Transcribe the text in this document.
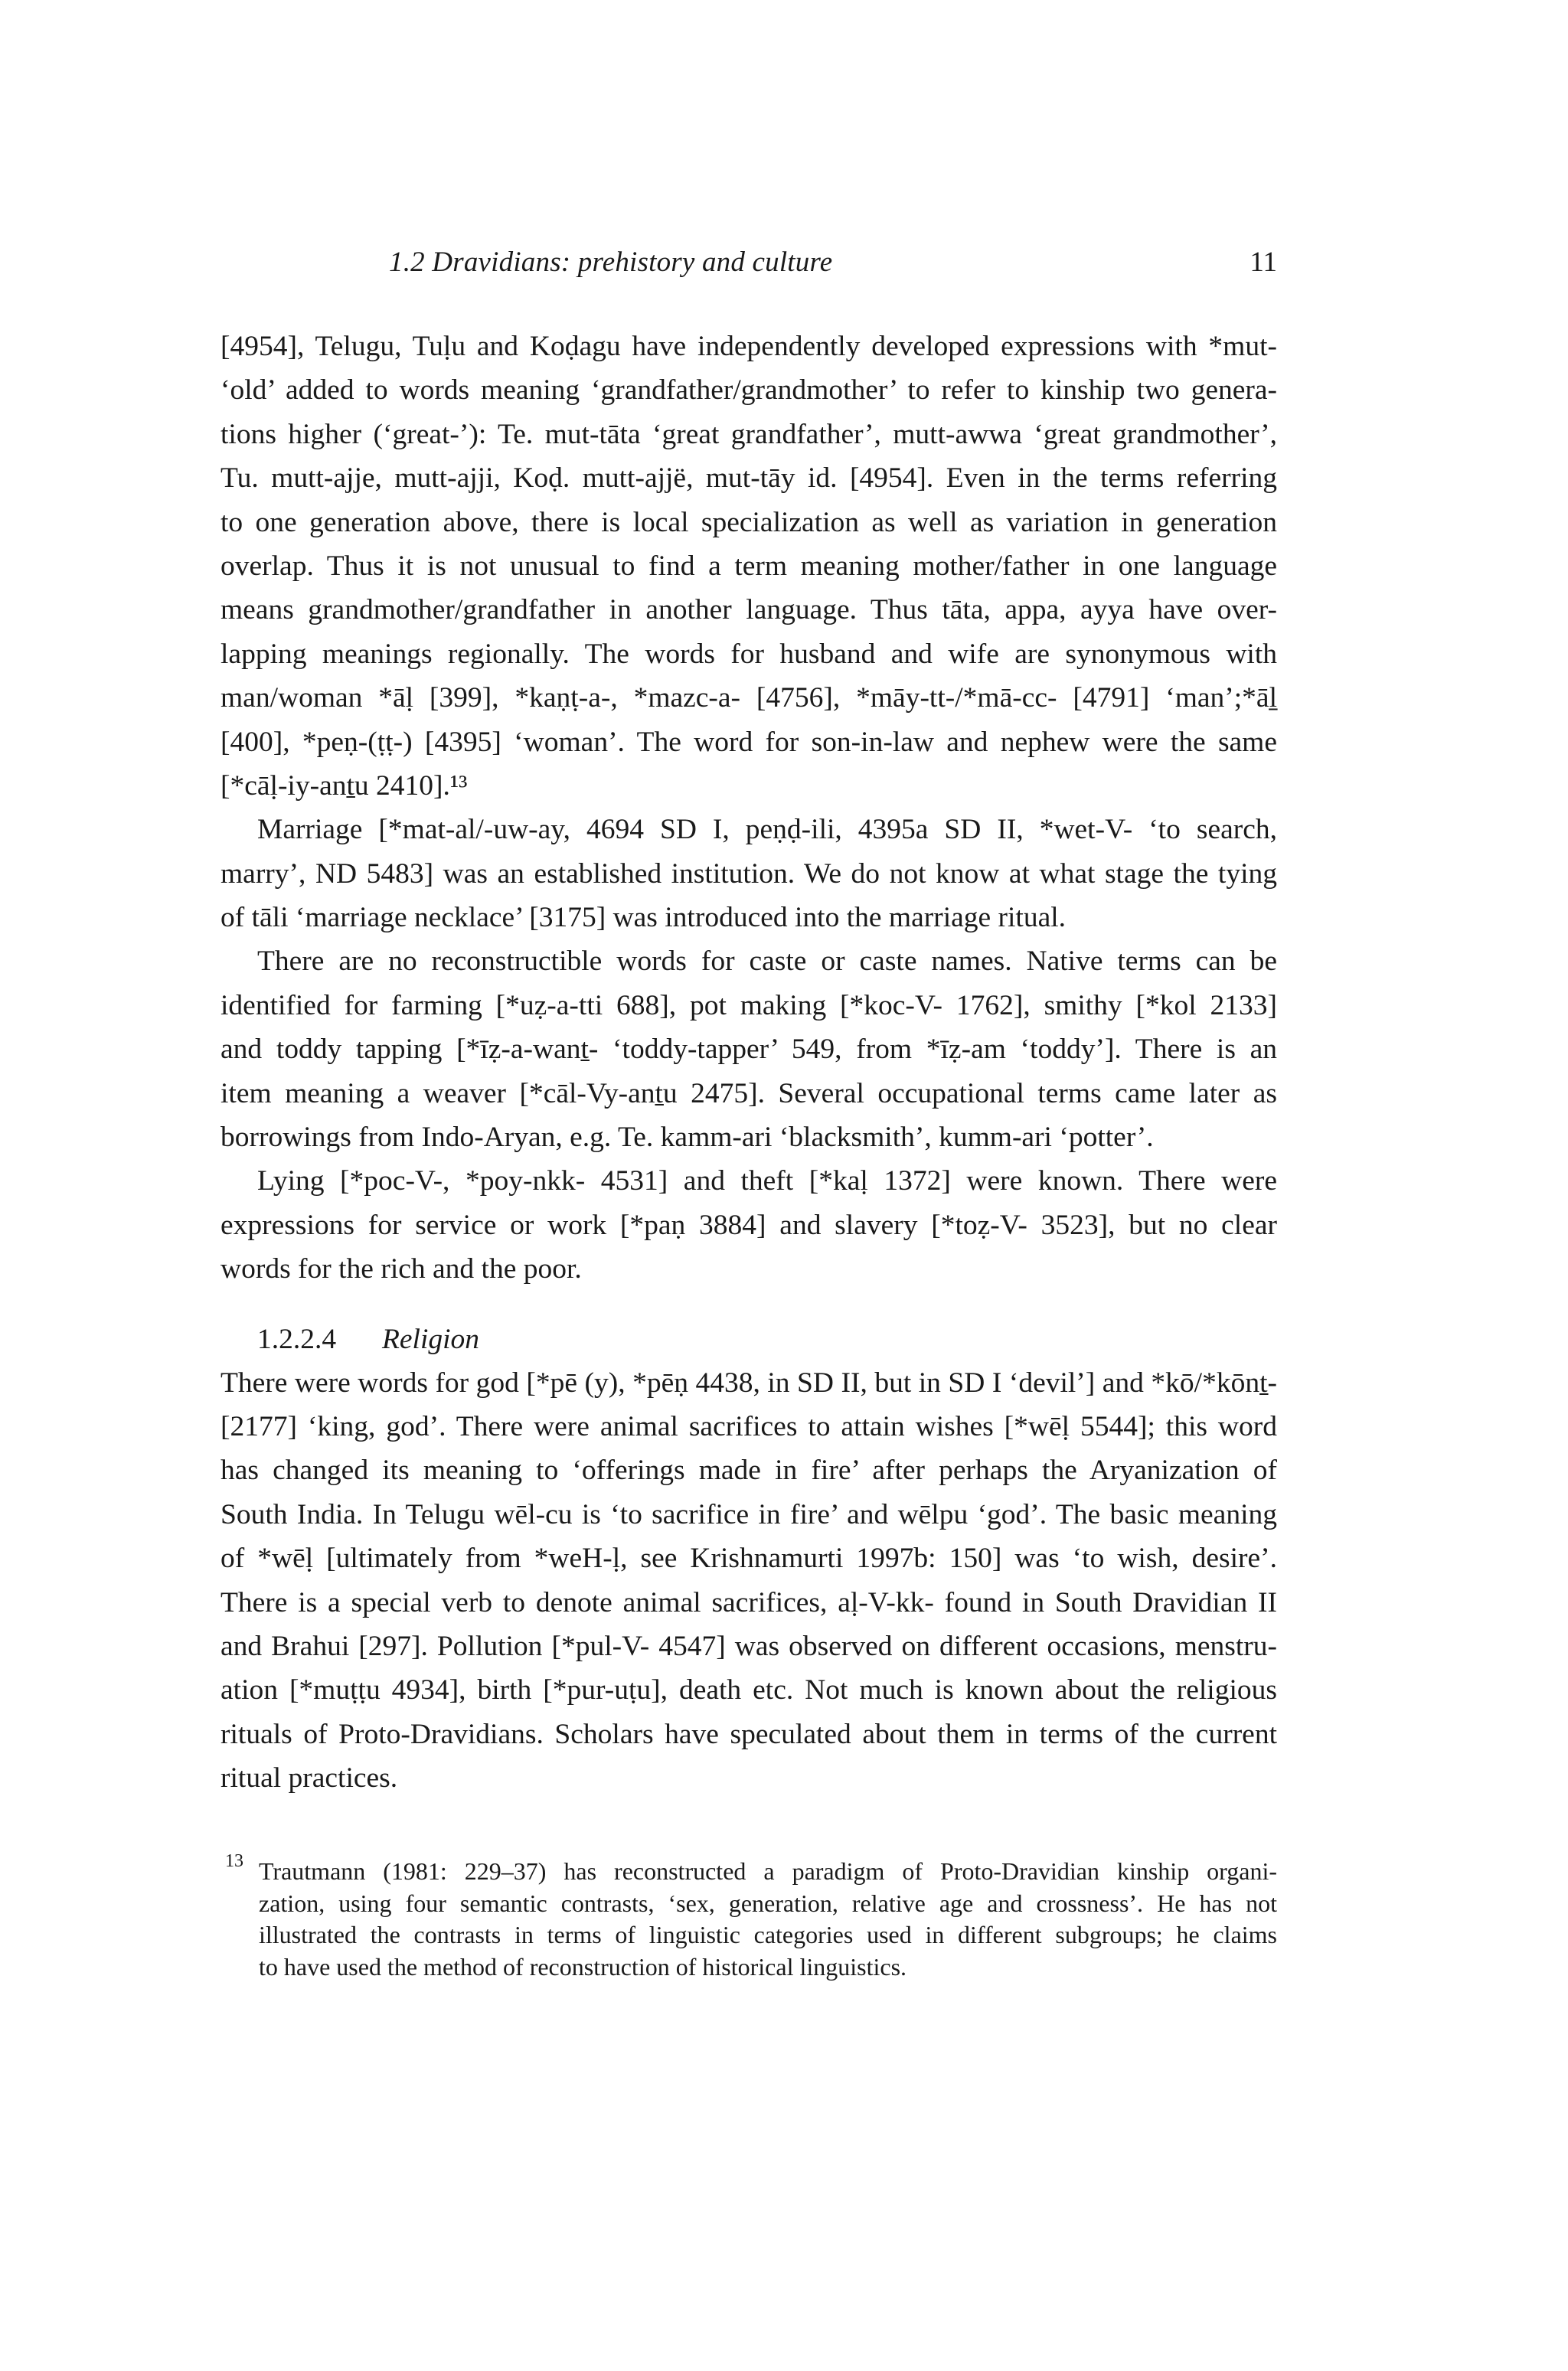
1.2 Dravidians: prehistory and culture	11
[4954], Telugu, Tuḷu and Koḍagu have independently developed expressions with *mut-
‘old’ added to words meaning ‘grandfather/grandmother’ to refer to kinship two genera-
tions higher (‘great-’): Te. mut-tāta ‘great grandfather’, mutt-awwa ‘great grandmother’,
Tu. mutt-ajje, mutt-ajji, Koḍ. mutt-ajjë, mut-tāy id. [4954]. Even in the terms referring
to one generation above, there is local specialization as well as variation in generation
overlap. Thus it is not unusual to find a term meaning mother/father in one language
means grandmother/grandfather in another language. Thus tāta, appa, ayya have over-
lapping meanings regionally. The words for husband and wife are synonymous with
man/woman *āḷ [399], *kaṇṭ-a-, *mazc-a- [4756], *māy-tt-/*mā-cc- [4791] ‘man’;*āḻ
[400], *peṇ-(ṭṭ-) [4395] ‘woman’. The word for son-in-law and nephew were the same
[*cāḷ-iy-anṯu 2410].¹³
Marriage [*mat-al/-uw-ay, 4694 SD I, peṇḍ-ili, 4395a SD II, *wet-V- ‘to search,
marry’, ND 5483] was an established institution. We do not know at what stage the tying
of tāli ‘marriage necklace’ [3175] was introduced into the marriage ritual.
There are no reconstructible words for caste or caste names. Native terms can be
identified for farming [*uẓ-a-tti 688], pot making [*koc-V- 1762], smithy [*kol 2133]
and toddy tapping [*īẓ-a-wanṯ- ‘toddy-tapper’ 549, from *īẓ-am ‘toddy’]. There is an
item meaning a weaver [*cāl-Vy-anṯu 2475]. Several occupational terms came later as
borrowings from Indo-Aryan, e.g. Te. kamm-ari ‘blacksmith’, kumm-ari ‘potter’.
Lying [*poc-V-, *poy-nkk- 4531] and theft [*kaḷ 1372] were known. There were
expressions for service or work [*paṇ 3884] and slavery [*toẓ-V- 3523], but no clear
words for the rich and the poor.
1.2.2.4 Religion
There were words for god [*pē (y), *pēṇ 4438, in SD II, but in SD I ‘devil’] and *kō/*kōnṯ-
[2177] ‘king, god’. There were animal sacrifices to attain wishes [*wēḷ 5544]; this word
has changed its meaning to ‘offerings made in fire’ after perhaps the Aryanization of
South India. In Telugu wēl-cu is ‘to sacrifice in fire’ and wēlpu ‘god’. The basic meaning
of *wēḷ [ultimately from *weH-ḷ, see Krishnamurti 1997b: 150] was ‘to wish, desire’.
There is a special verb to denote animal sacrifices, aḷ-V-kk- found in South Dravidian II
and Brahui [297]. Pollution [*pul-V- 4547] was observed on different occasions, menstru-
ation [*muṭṭu 4934], birth [*pur-uṭu], death etc. Not much is known about the religious
rituals of Proto-Dravidians. Scholars have speculated about them in terms of the current
ritual practices.
13 Trautmann (1981: 229–37) has reconstructed a paradigm of Proto-Dravidian kinship organi-
zation, using four semantic contrasts, ‘sex, generation, relative age and crossness’. He has not
illustrated the contrasts in terms of linguistic categories used in different subgroups; he claims
to have used the method of reconstruction of historical linguistics.
